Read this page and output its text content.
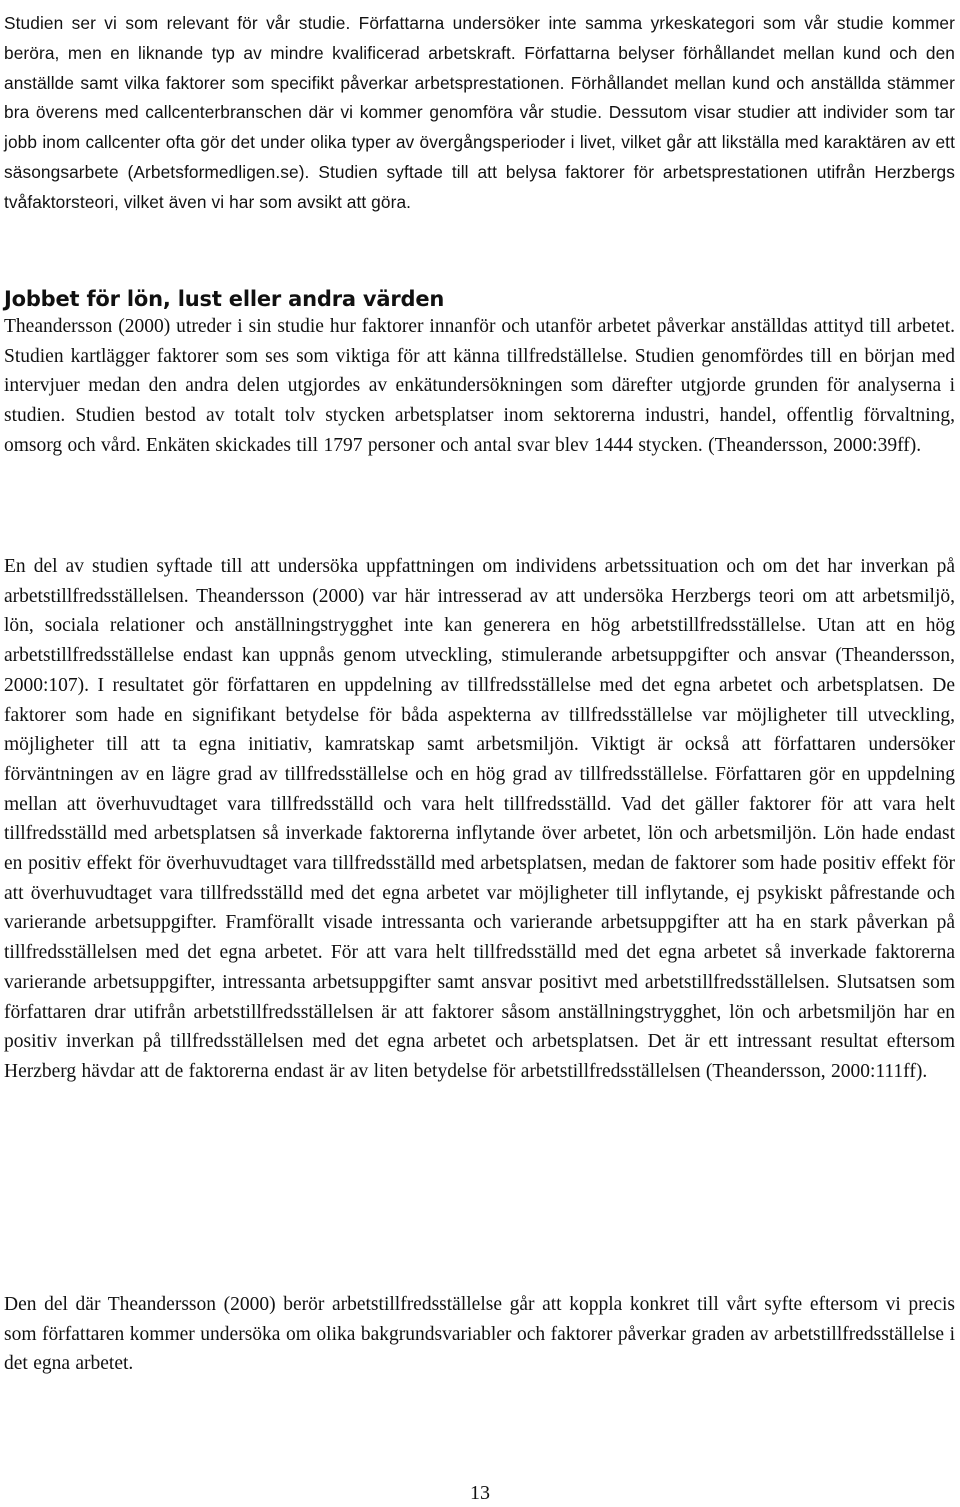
Studien ser vi som relevant för vår studie. Författarna undersöker inte samma yrkeskategori som vår studie kommer beröra, men en liknande typ av mindre kvalificerad arbetskraft. Författarna belyser förhållandet mellan kund och den anställde samt vilka faktorer som specifikt påverkar arbetsprestationen. Förhållandet mellan kund och anställda stämmer bra överens med callcenterbranschen där vi kommer genomföra vår studie. Dessutom visar studier att individer som tar jobb inom callcenter ofta gör det under olika typer av övergångsperioder i livet, vilket går att likställa med karaktären av ett säsongsarbete (Arbetsformedligen.se). Studien syftade till att belysa faktorer för arbetsprestationen utifrån Herzbergs tvåfaktorsteori, vilket även vi har som avsikt att göra.

Jobbet för lön, lust eller andra värden

Theandersson (2000) utreder i sin studie hur faktorer innanför och utanför arbetet påverkar anställdas attityd till arbetet. Studien kartlägger faktorer som ses som viktiga för att känna tillfredställelse. Studien genomfördes till en början med intervjuer medan den andra delen utgjordes av enkätundersökningen som därefter utgjorde grunden för analyserna i studien. Studien bestod av totalt tolv stycken arbetsplatser inom sektorerna industri, handel, offentlig förvaltning, omsorg och vård. Enkäten skickades till 1797 personer och antal svar blev 1444 stycken. (Theandersson, 2000:39ff).

En del av studien syftade till att undersöka uppfattningen om individens arbetssituation och om det har inverkan på arbetstillfredsställelsen. Theandersson (2000) var här intresserad av att undersöka Herzbergs teori om att arbetsmiljö, lön, sociala relationer och anställningstrygghet inte kan generera en hög arbetstillfredsställelse. Utan att en hög arbetstillfredsställelse endast kan uppnås genom utveckling, stimulerande arbetsuppgifter och ansvar (Theandersson, 2000:107). I resultatet gör författaren en uppdelning av tillfredsställelse med det egna arbetet och arbetsplatsen. De faktorer som hade en signifikant betydelse för båda aspekterna av tillfredsställelse var möjligheter till utveckling, möjligheter till att ta egna initiativ, kamratskap samt arbetsmiljön. Viktigt är också att författaren undersöker förväntningen av en lägre grad av tillfredsställelse och en hög grad av tillfredsställelse. Författaren gör en uppdelning mellan att överhuvudtaget vara tillfredsställd och vara helt tillfredsställd. Vad det gäller faktorer för att vara helt tillfredsställd med arbetsplatsen så inverkade faktorerna inflytande över arbetet, lön och arbetsmiljön. Lön hade endast en positiv effekt för överhuvudtaget vara tillfredsställd med arbetsplatsen, medan de faktorer som hade positiv effekt för att överhuvudtaget vara tillfredsställd med det egna arbetet var möjligheter till inflytande, ej psykiskt påfrestande och varierande arbetsuppgifter. Framförallt visade intressanta och varierande arbetsuppgifter att ha en stark påverkan på tillfredsställelsen med det egna arbetet. För att vara helt tillfredsställd med det egna arbetet så inverkade faktorerna varierande arbetsuppgifter, intressanta arbetsuppgifter samt ansvar positivt med arbetstillfredsställelsen. Slutsatsen som författaren drar utifrån arbetstillfredsställelsen är att faktorer såsom anställningstrygghet, lön och arbetsmiljön har en positiv inverkan på tillfredsställelsen med det egna arbetet och arbetsplatsen. Det är ett intressant resultat eftersom Herzberg hävdar att de faktorerna endast är av liten betydelse för arbetstillfredsställelsen (Theandersson, 2000:111ff).

Den del där Theandersson (2000) berör arbetstillfredsställelse går att koppla konkret till vårt syfte eftersom vi precis som författaren kommer undersöka om olika bakgrundsvariabler och faktorer påverkar graden av arbetstillfredsställelse i det egna arbetet.

13
